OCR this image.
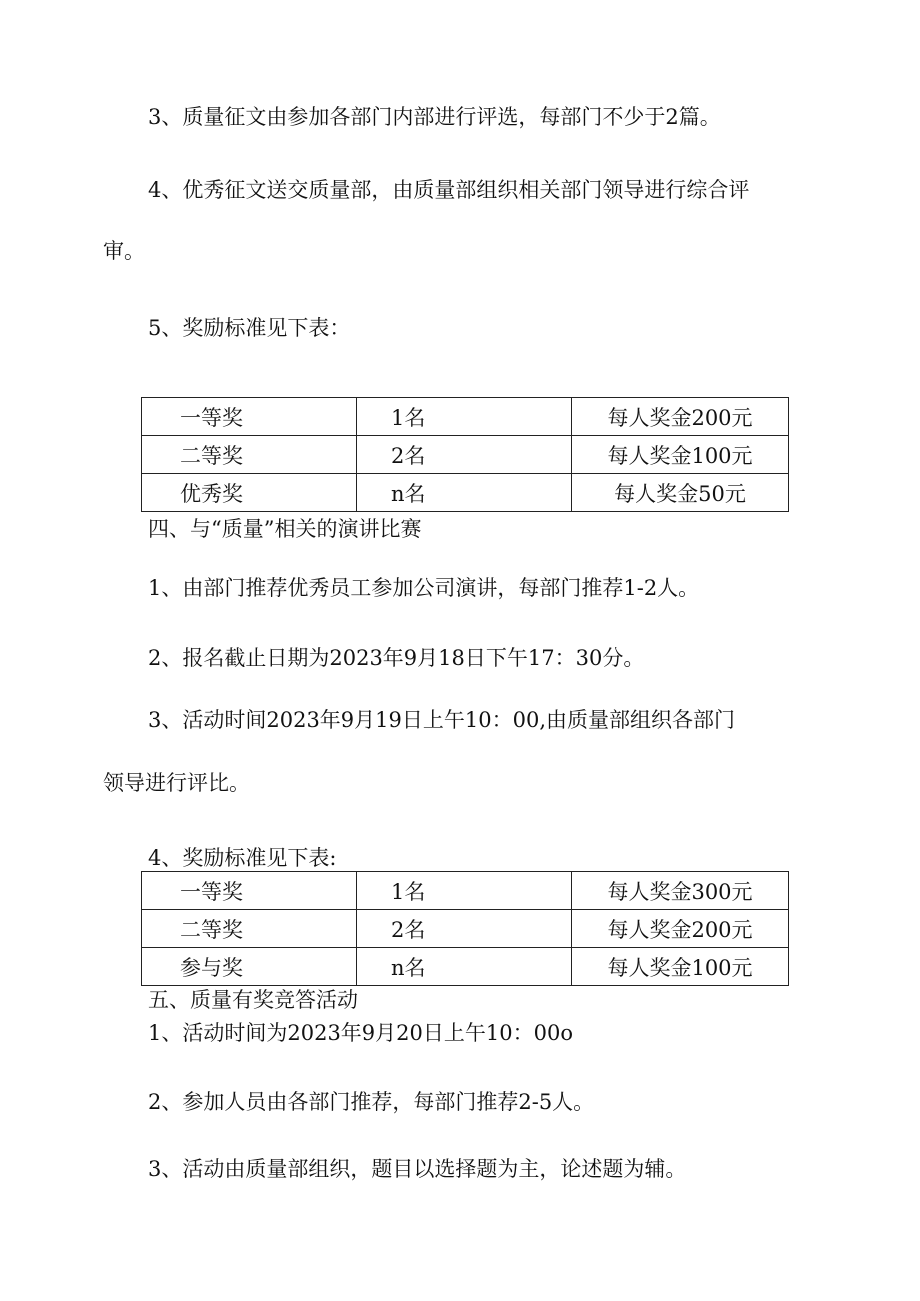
3、质量征文由参加各部门内部进行评选，每部门不少于2篇。
4、优秀征文送交质量部，由质量部组织相关部门领导进行综合评
审。
5、奖励标准见下表：
一等奖	1名	每人奖金200元
二等奖	2名	每人奖金100元
优秀奖	n名	每人奖金50元
四、与“质量”相关的演讲比赛
1、由部门推荐优秀员工参加公司演讲，每部门推荐1-2人。
2、报名截止日期为2023年9月18日下午17：30分。
3、活动时间2023年9月19日上午10：00,由质量部组织各部门
领导进行评比。
4、奖励标准见下表:
一等奖	1名	每人奖金300元
二等奖	2名	每人奖金200元
参与奖	n名	每人奖金100元
五、质量有奖竞答活动
1、活动时间为2023年9月20日上午10：00o
2、参加人员由各部门推荐，每部门推荐2-5人。
3、活动由质量部组织，题目以选择题为主，论述题为辅。
